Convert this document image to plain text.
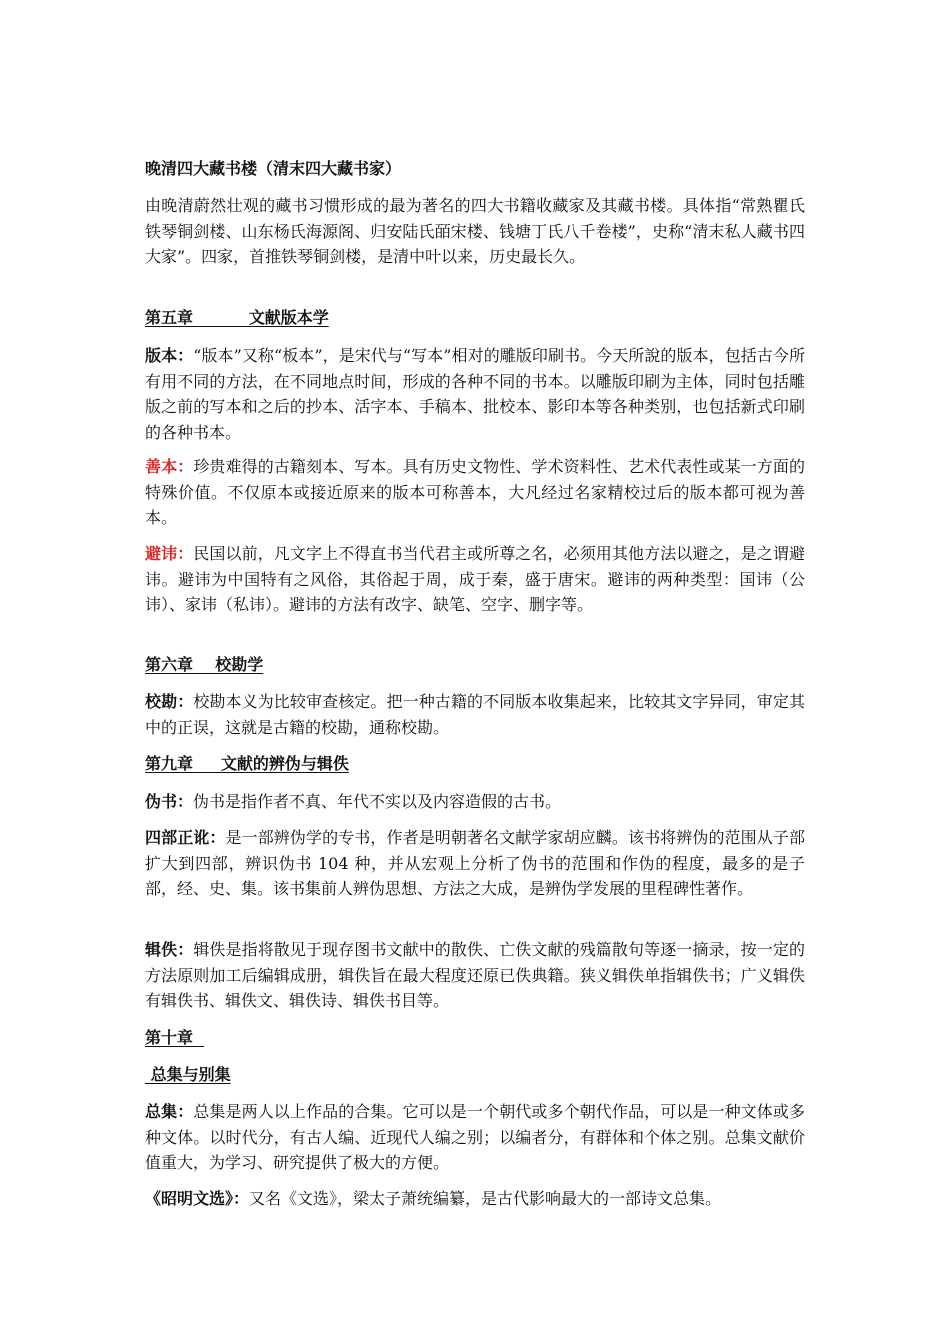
晚清四大藏书楼（清末四大藏书家）

由晚清蔚然壮观的藏书习惯形成的最为著名的四大书籍收藏家及其藏书楼。具体指“常熟瞿氏铁琴铜剑楼、山东杨氏海源阁、归安陆氏皕宋楼、钱塘丁氏八千卷楼”，史称“清末私人藏书四大家”。四家，首推铁琴铜剑楼，是清中叶以来，历史最长久。

第五章          文献版本学

版本：“版本”又称“板本”，是宋代与“写本”相对的雕版印刷书。今天所說的版本，包括古今所有用不同的方法，在不同地点时间，形成的各种不同的书本。以雕版印刷为主体，同时包括雕版之前的写本和之后的抄本、活字本、手稿本、批校本、影印本等各种类别，也包括新式印刷的各种书本。

善本：珍贵难得的古籍刻本、写本。具有历史文物性、学术资料性、艺术代表性或某一方面的特殊价值。不仅原本或接近原来的版本可称善本，大凡经过名家精校过后的版本都可视为善本。

避讳：民国以前，凡文字上不得直书当代君主或所尊之名，必须用其他方法以避之，是之谓避讳。避讳为中国特有之风俗，其俗起于周，成于秦，盛于唐宋。避讳的两种类型：国讳（公讳）、家讳（私讳）。避讳的方法有改字、缺笔、空字、删字等。

第六章    校勘学

校勘：校勘本义为比较审查核定。把一种古籍的不同版本收集起来，比较其文字异同，审定其中的正误，这就是古籍的校勘，通称校勘。

第九章     文献的辨伪与辑佚

伪书：伪书是指作者不真、年代不实以及内容造假的古书。

四部正讹：是一部辨伪学的专书，作者是明朝著名文献学家胡应麟。该书将辨伪的范围从子部扩大到四部，辨识伪书 104 种，并从宏观上分析了伪书的范围和作伪的程度，最多的是子部，经、史、集。该书集前人辨伪思想、方法之大成，是辨伪学发展的里程碑性著作。

辑佚：辑佚是指将散见于现存图书文献中的散佚、亡佚文献的残篇散句等逐一摘录，按一定的方法原则加工后编辑成册，辑佚旨在最大程度还原已佚典籍。狭义辑佚单指辑佚书；广义辑佚有辑佚书、辑佚文、辑佚诗、辑佚书目等。

第十章
总集与别集

总集：总集是两人以上作品的合集。它可以是一个朝代或多个朝代作品，可以是一种文体或多种文体。以时代分，有古人编、近现代人编之别；以编者分，有群体和个体之别。总集文献价值重大，为学习、研究提供了极大的方便。

《昭明文选》：又名《文选》，梁太子萧统编纂，是古代影响最大的一部诗文总集。
